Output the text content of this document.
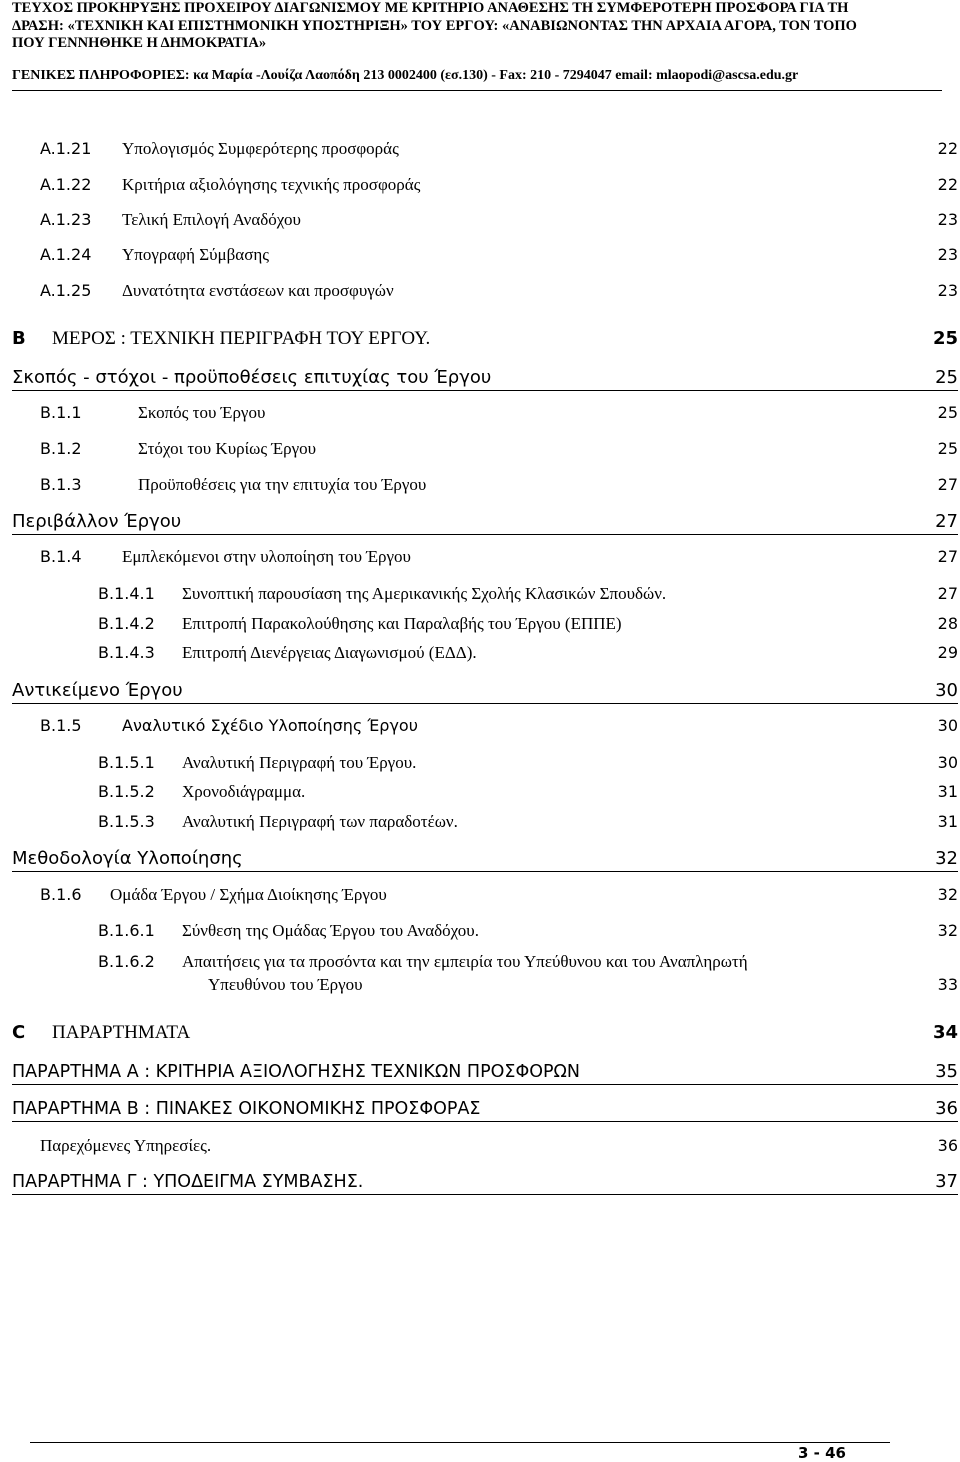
ΤΕΥΧΟΣ ΠΡΟΚΗΡΥΞΗΣ ΠΡΟΧΕΙΡΟΥ ΔΙΑΓΩΝΙΣΜΟΥ ΜΕ ΚΡΙΤΗΡΙΟ ΑΝΑΘΕΣΗΣ ΤΗ ΣΥΜΦΕΡΟΤΕΡΗ ΠΡΟΣΦΟΡΑ ΓΙΑ ΤΗ
ΔΡΑΣΗ: «ΤΕΧΝΙΚΗ ΚΑΙ ΕΠΙΣΤΗΜΟΝΙΚΗ ΥΠΟΣΤΗΡΙΞΗ» ΤΟΥ ΕΡΓΟΥ: «ΑΝΑΒΙΩΝΟΝΤΑΣ ΤΗΝ ΑΡΧΑΙΑ ΑΓΟΡΑ, ΤΟΝ ΤΟΠΟ
ΠΟΥ ΓΕΝΝΗΘΗΚΕ Η ΔΗΜΟΚΡΑΤΙΑ»
ΓΕΝΙΚΕΣ ΠΛΗΡΟΦΟΡΙΕΣ: κα Μαρία -Λουίζα Λαοπόδη 213 0002400 (εσ.130) - Fax: 210 - 7294047 email: mlaopodi@ascsa.edu.gr
A.1.21 Υπολογισμός Συμφερότερης προσφοράς	22
A.1.22 Κριτήρια αξιολόγησης τεχνικής προσφοράς	22
A.1.23 Τελική Επιλογή Αναδόχου	23
A.1.24 Υπογραφή Σύμβασης	23
A.1.25 Δυνατότητα ενστάσεων και προσφυγών	23
B ΜΕΡΟΣ : ΤΕΧΝΙΚΗ ΠΕΡΙΓΡΑΦΗ ΤΟΥ ΕΡΓΟΥ.	25
Σκοπός - στόχοι - προϋποθέσεις επιτυχίας του Έργου	25
B.1.1	Σκοπός του Έργου	25
B.1.2	Στόχοι του Κυρίως Έργου	25
B.1.3	Προϋποθέσεις για την επιτυχία του Έργου	27
Περιβάλλον Έργου	27
B.1.4 Εμπλεκόμενοι στην υλοποίηση του Έργου	27
B.1.4.1 Συνοπτική παρουσίαση της Αμερικανικής Σχολής Κλασικών Σπουδών.	27
B.1.4.2 Επιτροπή Παρακολούθησης και Παραλαβής του Έργου (ΕΠΠΕ)	28
B.1.4.3 Επιτροπή Διενέργειας Διαγωνισμού (ΕΔΔ).	29
Αντικείμενο Έργου	30
B.1.5	Αναλυτικό Σχέδιο Υλοποίησης Έργου	30
B.1.5.1 Αναλυτική Περιγραφή του Έργου.	30
B.1.5.2 Χρονοδιάγραμμα.	31
B.1.5.3 Αναλυτική Περιγραφή των παραδοτέων.	31
Μεθοδολογία Υλοποίησης	32
B.1.6 Ομάδα Έργου / Σχήμα Διοίκησης Έργου	32
B.1.6.1 Σύνθεση της Ομάδας Έργου του Αναδόχου.	32
B.1.6.2 Απαιτήσεις για τα προσόντα και την εμπειρία του Υπεύθυνου και του Αναπληρωτή
Υπευθύνου του Έργου	33
C ΠΑΡΑΡΤΗΜΑΤΑ	34
ΠΑΡΑΡΤΗΜΑ Α : ΚΡΙΤΗΡΙΑ ΑΞΙΟΛΟΓΗΣΗΣ ΤΕΧΝΙΚΩΝ ΠΡΟΣΦΟΡΩΝ	35
ΠΑΡΑΡΤΗΜΑ Β : ΠΙΝΑΚΕΣ ΟΙΚΟΝΟΜΙΚΗΣ ΠΡΟΣΦΟΡΑΣ	36
Παρεχόμενες Υπηρεσίες.	36
ΠΑΡΑΡΤΗΜΑ Γ : ΥΠΟΔΕΙΓΜΑ ΣΥΜΒΑΣΗΣ.	37
3 - 46
